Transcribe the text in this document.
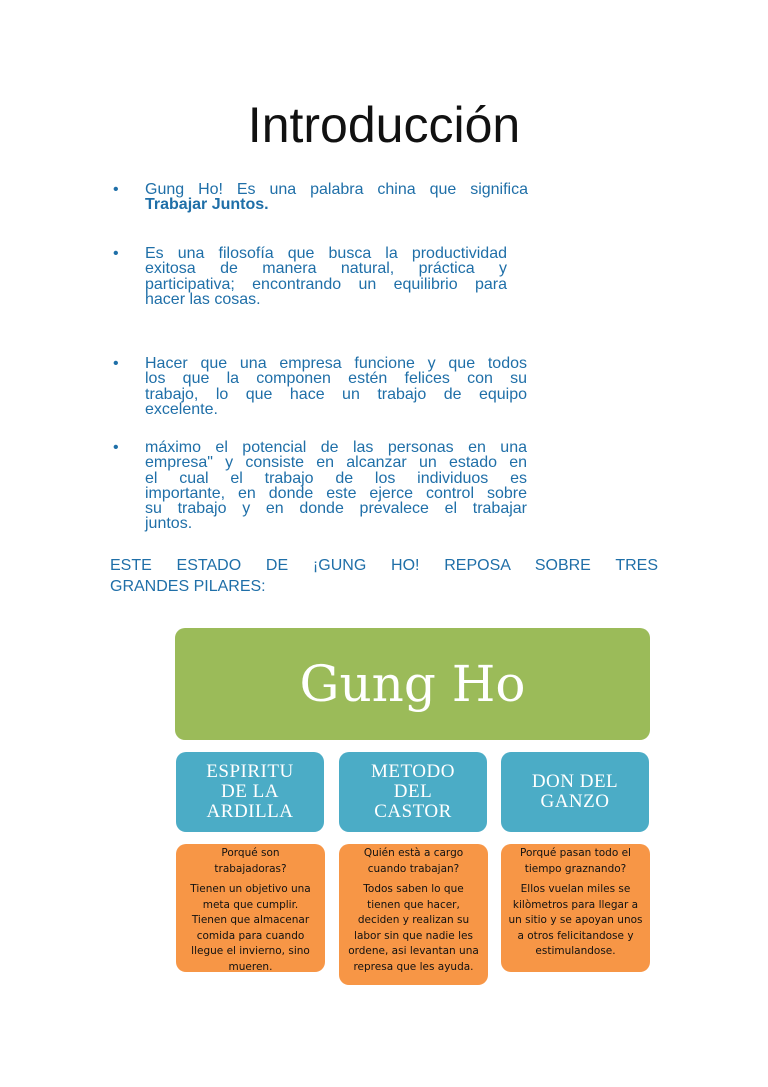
Introducción
• Gung Ho! Es una palabra china que significa
Trabajar Juntos.
• Es una filosofía que busca la productividad
exitosa de manera natural, práctica y
participativa; encontrando un equilibrio para
hacer las cosas.
• Hacer que una empresa funcione y que todos
los que la componen estén felices con su
trabajo, lo que hace un trabajo de equipo
excelente.
• máximo el potencial de las personas en una
empresa" y consiste en alcanzar un estado en
el cual el trabajo de los individuos es
importante, en donde este ejerce control sobre
su trabajo y en donde prevalece el trabajar
juntos.
ESTE ESTADO DE ¡GUNG HO! REPOSA SOBRE TRES
GRANDES PILARES:
Gung Ho
ESPIRITU
DE LA
ARDILLA
METODO
DEL
CASTOR
DON DEL
GANZO
Porqué son trabajadoras?
Tienen un objetivo una meta que cumplir. Tienen que almacenar comida para cuando llegue el invierno, sino mueren.
Quién està a cargo cuando trabajan?
Todos saben lo que tienen que hacer, deciden y realizan su labor sin que nadie les ordene, asi levantan una represa que les ayuda.
Porqué pasan todo el tiempo graznando?
Ellos vuelan miles se kilòmetros para llegar a un sitio y se apoyan unos a otros felicitandose y estimulandose.
